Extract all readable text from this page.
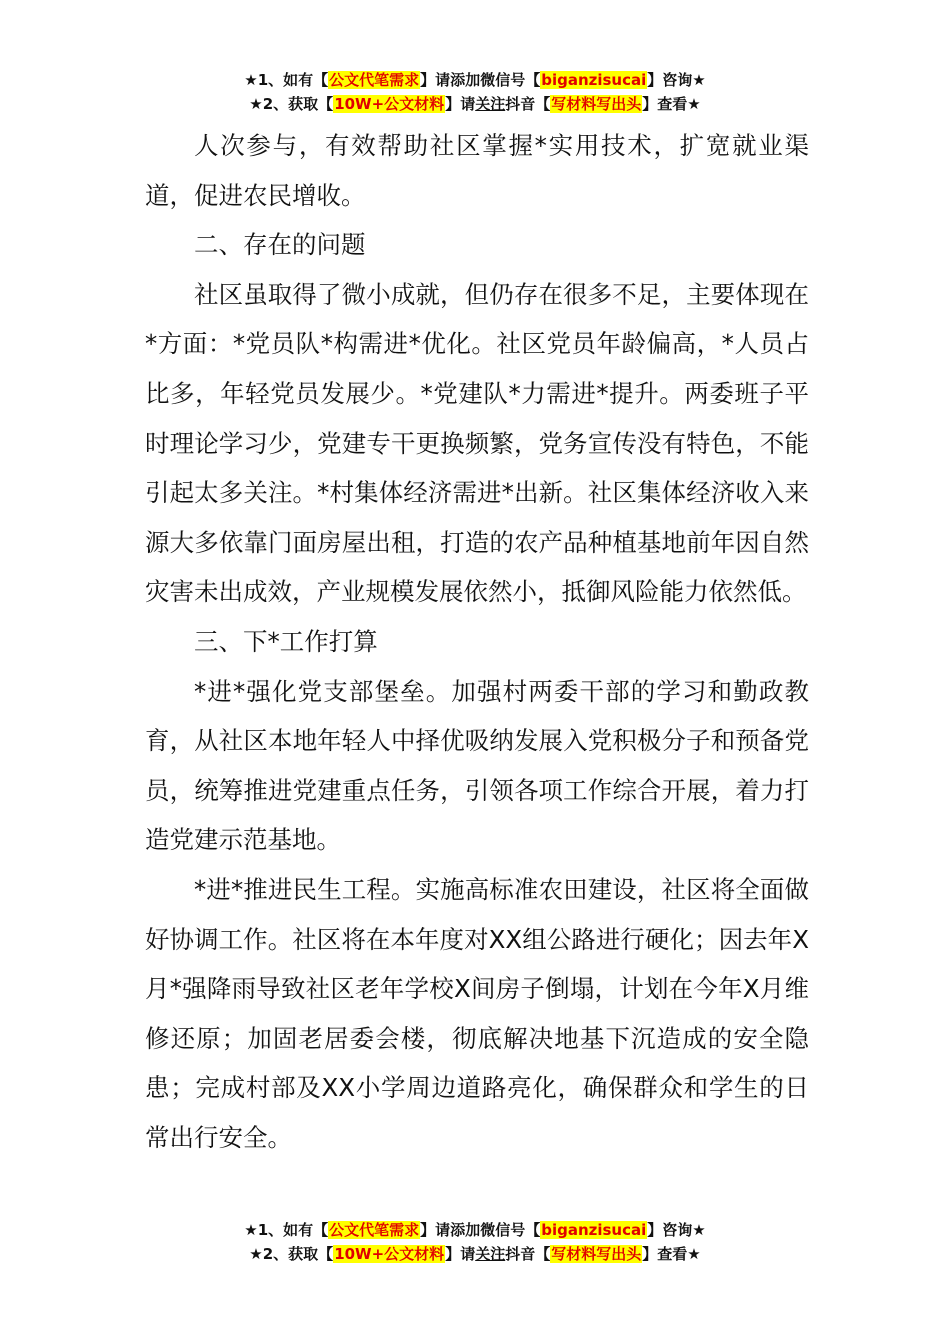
★1、如有【公文代笔需求】请添加微信号【biganzisucai】咨询★
★2、获取【10W+公文材料】请关注抖音【写材料写出头】查看★

人次参与，有效帮助社区掌握*实用技术，扩宽就业渠道，促进农民增收。

二、存在的问题

社区虽取得了微小成就，但仍存在很多不足，主要体现在*方面：*党员队*构需进*优化。社区党员年龄偏高，*人员占比多，年轻党员发展少。*党建队*力需进*提升。两委班子平时理论学习少，党建专干更换频繁，党务宣传没有特色，不能引起太多关注。*村集体经济需进*出新。社区集体经济收入来源大多依靠门面房屋出租，打造的农产品种植基地前年因自然灾害未出成效，产业规模发展依然小，抵御风险能力依然低。

三、下*工作打算

*进*强化党支部堡垒。加强村两委干部的学习和勤政教育，从社区本地年轻人中择优吸纳发展入党积极分子和预备党员，统筹推进党建重点任务，引领各项工作综合开展，着力打造党建示范基地。

*进*推进民生工程。实施高标准农田建设，社区将全面做好协调工作。社区将在本年度对XX组公路进行硬化；因去年X月*强降雨导致社区老年学校X间房子倒塌，计划在今年X月维修还原；加固老居委会楼，彻底解决地基下沉造成的安全隐患；完成村部及XX小学周边道路亮化，确保群众和学生的日常出行安全。

★1、如有【公文代笔需求】请添加微信号【biganzisucai】咨询★
★2、获取【10W+公文材料】请关注抖音【写材料写出头】查看★
